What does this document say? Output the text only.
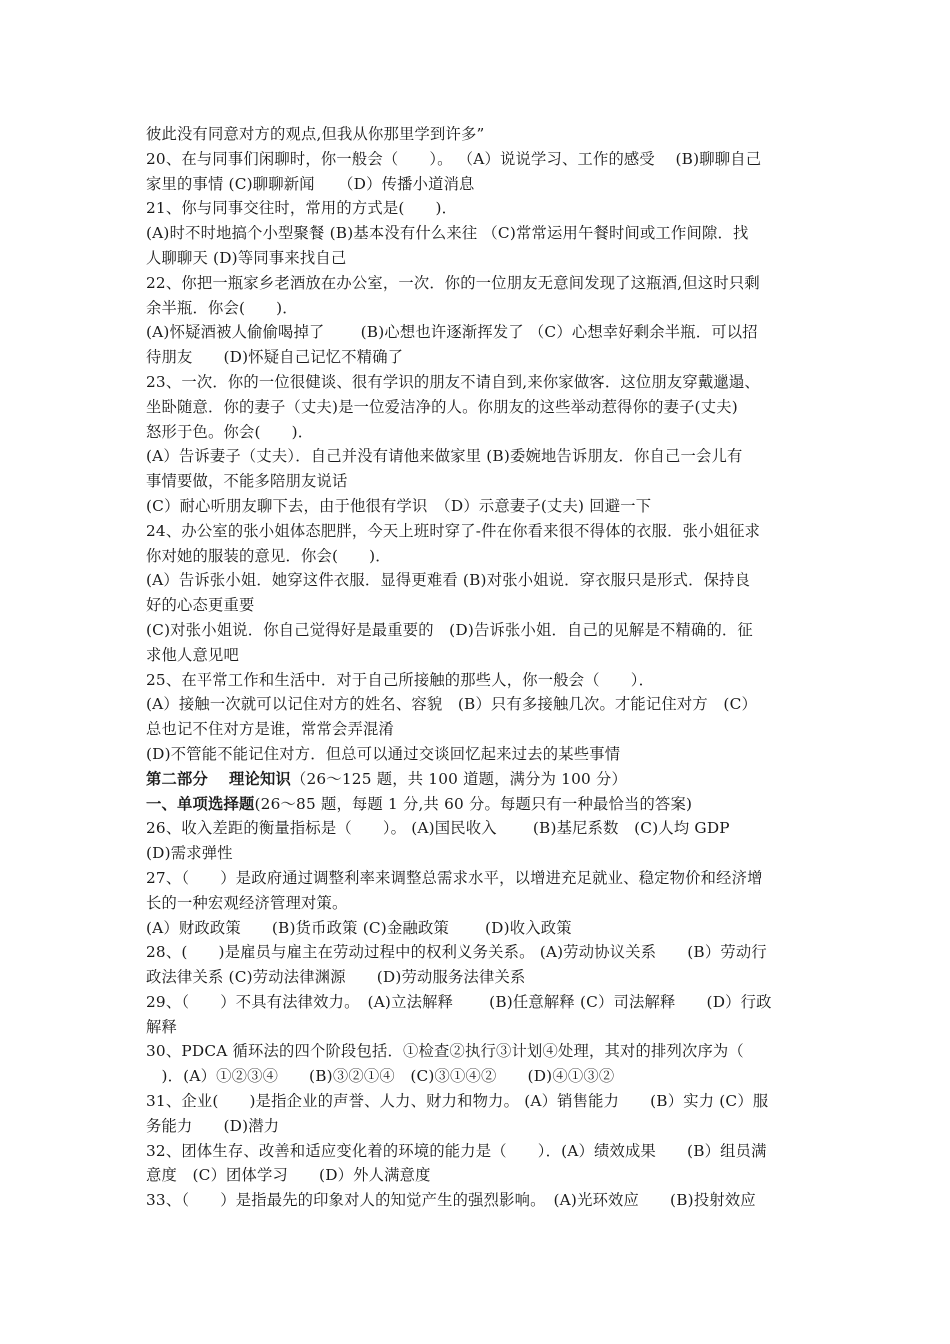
彼此没有同意对方的观点,但我从你那里学到许多”
20、在与同事们闲聊时，你一般会（　　）。 （A）说说学习、工作的感受　 (B)聊聊自己
家里的事情 (C)聊聊新闻　　（D）传播小道消息
21、你与同事交往时，常用的方式是(　　)．
(A)时不时地搞个小型聚餐 (B)基本没有什么来往 （C)常常运用午餐时间或工作间隙．找
人聊聊天 (D)等同事来找自己
22、你把一瓶家乡老酒放在办公室，一次．你的一位朋友无意间发现了这瓶酒,但这时只剩
余半瓶．你会(　　)．
(A)怀疑酒被人偷偷喝掉了　　 (B)心想也许逐渐挥发了 （C）心想幸好剩余半瓶．可以招
待朋友　　(D)怀疑自己记忆不精确了
23、一次．你的一位很健谈、很有学识的朋友不请自到,来你家做客．这位朋友穿戴邋遢、
坐卧随意．你的妻子（丈夫)是一位爱洁净的人。你朋友的这些举动惹得你的妻子(丈夫)
怒形于色。你会(　　)．
(A）告诉妻子（丈夫）．自己并没有请他来做家里 (B)委婉地告诉朋友．你自己一会儿有
事情要做，不能多陪朋友说话
(C）耐心听朋友聊下去，由于他很有学识　（D）示意妻子(丈夫) 回避一下
24、办公室的张小姐体态肥胖，今天上班时穿了-件在你看来很不得体的衣服．张小姐征求
你对她的服装的意见．你会(　　)．
(A）告诉张小姐．她穿这件衣服．显得更难看 (B)对张小姐说．穿衣服只是形式．保持良
好的心态更重要
(C)对张小姐说．你自己觉得好是最重要的　(D)告诉张小姐．自己的见解是不精确的．征
求他人意见吧
25、在平常工作和生活中．对于自己所接触的那些人，你一般会（　　）．
(A）接触一次就可以记住对方的姓名、容貌　(B）只有多接触几次。才能记住对方　(C）
总也记不住对方是谁，常常会弄混淆
(D)不管能不能记住对方．但总可以通过交谈回忆起来过去的某些事情
第二部分　 理论知识（26～125 题，共 100 道题，满分为 100 分）
一、单项选择题(26～85 题，每题 1 分,共 60 分。每题只有一种最恰当的答案)
26、收入差距的衡量指标是（　　）。 (A)国民收入　　 (B)基尼系数　(C)人均 GDP
(D)需求弹性
27、（　　）是政府通过调整利率来调整总需求水平，以增进充足就业、稳定物价和经济增
长的一种宏观经济管理对策。
(A）财政政策　　(B)货币政策 (C)金融政策　　 (D)收入政策
28、(　　)是雇员与雇主在劳动过程中的权利义务关系。 (A)劳动协议关系　　(B）劳动行
政法律关系 (C)劳动法律渊源　　(D)劳动服务法律关系
29、（　　）不具有法律效力。　(A)立法解释　　 (B)任意解释 (C）司法解释　　(D）行政
解释
30、PDCA 循环法的四个阶段包括．①检查②执行③计划④处理，其对的排列次序为（
　)．(A）①②③④　　(B)③②①④　(C)③①④②　　(D)④①③②
31、企业(　　)是指企业的声誉、人力、财力和物力。 (A）销售能力　　(B）实力 (C）服
务能力　　(D)潜力
32、团体生存、改善和适应变化着的环境的能力是（　　）．(A）绩效成果　　(B）组员满
意度　(C）团体学习　　(D）外人满意度
33、（　　）是指最先的印象对人的知觉产生的强烈影响。　(A)光环效应　　(B)投射效应
